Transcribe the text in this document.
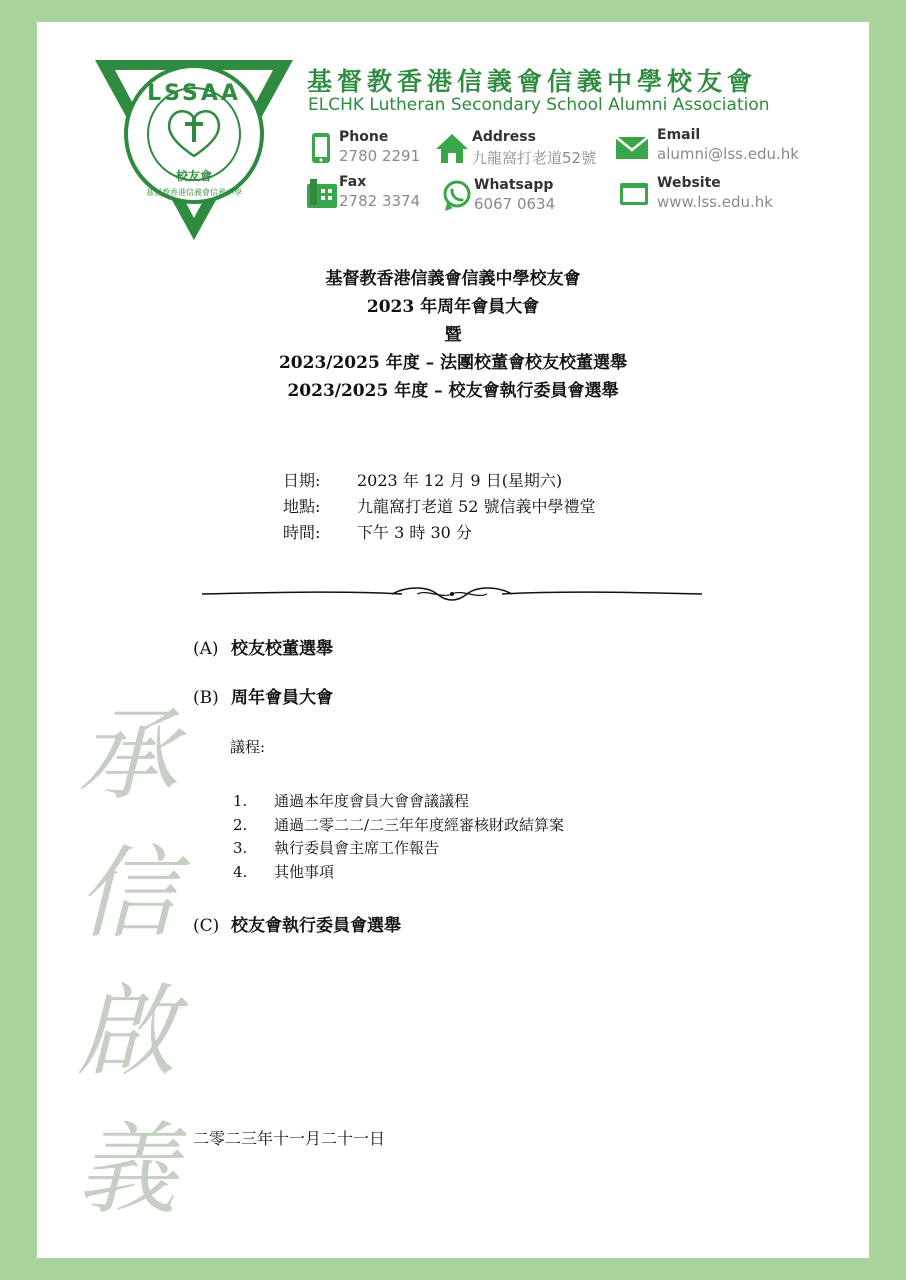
LSSAA
校友會
基督教香港信義會信義中學
基督教香港信義會信義中學校友會
ELCHK Lutheran Secondary School Alumni Association
Phone
2780 2291
Address
九龍窩打老道52號
Email
alumni@lss.edu.hk
Fax
2782 3374
Whatsapp
6067 0634
Website
www.lss.edu.hk
基督教香港信義會信義中學校友會
2023 年周年會員大會
暨
2023/2025 年度 – 法團校董會校友校董選舉
2023/2025 年度 – 校友會執行委員會選舉
日期: 2023 年 12 月 9 日(星期六)
地點: 九龍窩打老道 52 號信義中學禮堂
時間: 下午 3 時 30 分
(A) 校友校董選舉
(B) 周年會員大會
議程:
1. 通過本年度會員大會會議議程
2. 通過二零二二/二三年年度經審核財政結算案
3. 執行委員會主席工作報告
4. 其他事項
(C) 校友會執行委員會選舉
承
信
啟
義	二零二三年十一月二十一日
